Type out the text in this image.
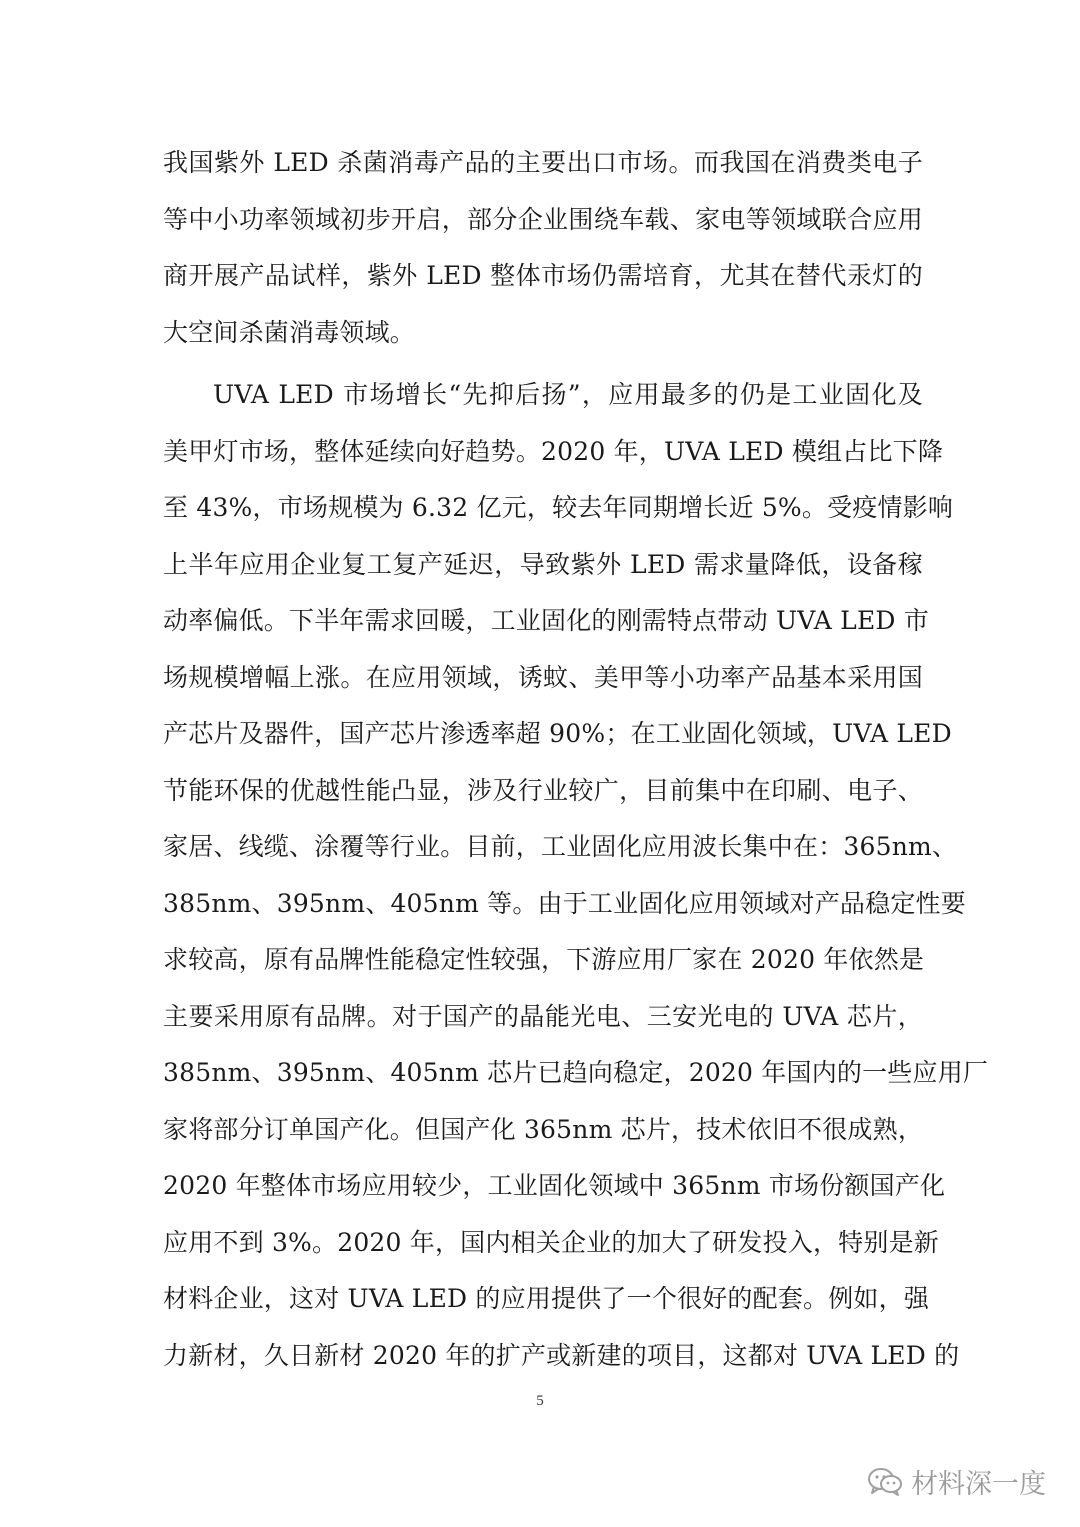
我国紫外 LED 杀菌消毒产品的主要出口市场。而我国在消费类电子
等中小功率领域初步开启，部分企业围绕车载、家电等领域联合应用
商开展产品试样，紫外 LED 整体市场仍需培育，尤其在替代汞灯的
大空间杀菌消毒领域。
UVA LED 市场增长“先抑后扬”，应用最多的仍是工业固化及
美甲灯市场，整体延续向好趋势。2020 年，UVA LED 模组占比下降
至 43%，市场规模为 6.32 亿元，较去年同期增长近 5%。受疫情影响
上半年应用企业复工复产延迟，导致紫外 LED 需求量降低，设备稼
动率偏低。下半年需求回暖，工业固化的刚需特点带动 UVA LED 市
场规模增幅上涨。在应用领域，诱蚊、美甲等小功率产品基本采用国
产芯片及器件，国产芯片渗透率超 90%；在工业固化领域，UVA LED
节能环保的优越性能凸显，涉及行业较广，目前集中在印刷、电子、
家居、线缆、涂覆等行业。目前，工业固化应用波长集中在：365nm、
385nm、395nm、405nm 等。由于工业固化应用领域对产品稳定性要
求较高，原有品牌性能稳定性较强，下游应用厂家在 2020 年依然是
主要采用原有品牌。对于国产的晶能光电、三安光电的 UVA 芯片，
385nm、395nm、405nm 芯片已趋向稳定，2020 年国内的一些应用厂
家将部分订单国产化。但国产化 365nm 芯片，技术依旧不很成熟，
2020 年整体市场应用较少，工业固化领域中 365nm 市场份额国产化
应用不到 3%。2020 年，国内相关企业的加大了研发投入，特别是新
材料企业，这对 UVA LED 的应用提供了一个很好的配套。例如，强
力新材，久日新材 2020 年的扩产或新建的项目，这都对 UVA LED 的
5
材料深一度
